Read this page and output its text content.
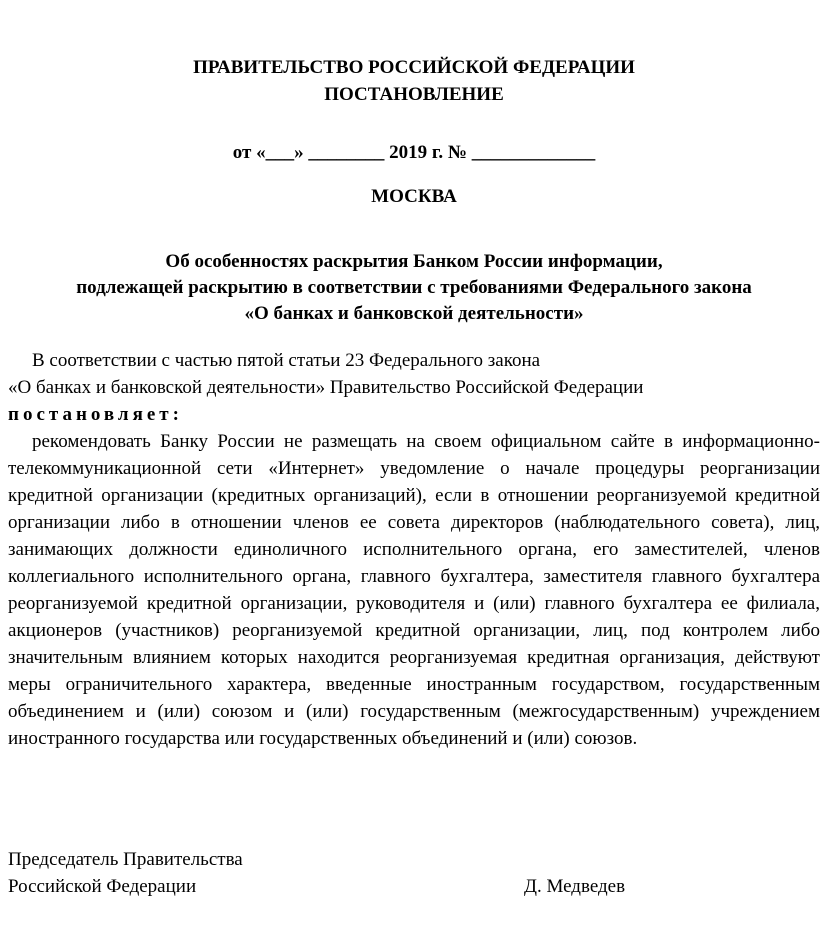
ПРАВИТЕЛЬСТВО РОССИЙСКОЙ ФЕДЕРАЦИИ
ПОСТАНОВЛЕНИЕ
от «___» ________ 2019 г. № _____________
МОСКВА
Об особенностях раскрытия Банком России информации,
подлежащей раскрытию в соответствии с требованиями Федерального закона
«О банках и банковской деятельности»
В соответствии с частью пятой статьи 23 Федерального закона
«О банках и банковской деятельности» Правительство Российской Федерации
постановляет:
рекомендовать Банку России не размещать на своем официальном сайте в информационно-телекоммуникационной сети «Интернет» уведомление о начале процедуры реорганизации кредитной организации (кредитных организаций), если в отношении реорганизуемой кредитной организации либо в отношении членов ее совета директоров (наблюдательного совета), лиц, занимающих должности единоличного исполнительного органа, его заместителей, членов коллегиального исполнительного органа, главного бухгалтера, заместителя главного бухгалтера реорганизуемой кредитной организации, руководителя и (или) главного бухгалтера ее филиала, акционеров (участников) реорганизуемой кредитной организации, лиц, под контролем либо значительным влиянием которых находится реорганизуемая кредитная организация, действуют меры ограничительного характера, введенные иностранным государством, государственным объединением и (или) союзом и (или) государственным (межгосударственным) учреждением иностранного государства или государственных объединений и (или) союзов.
Председатель Правительства
Российской Федерации	Д. Медведев
